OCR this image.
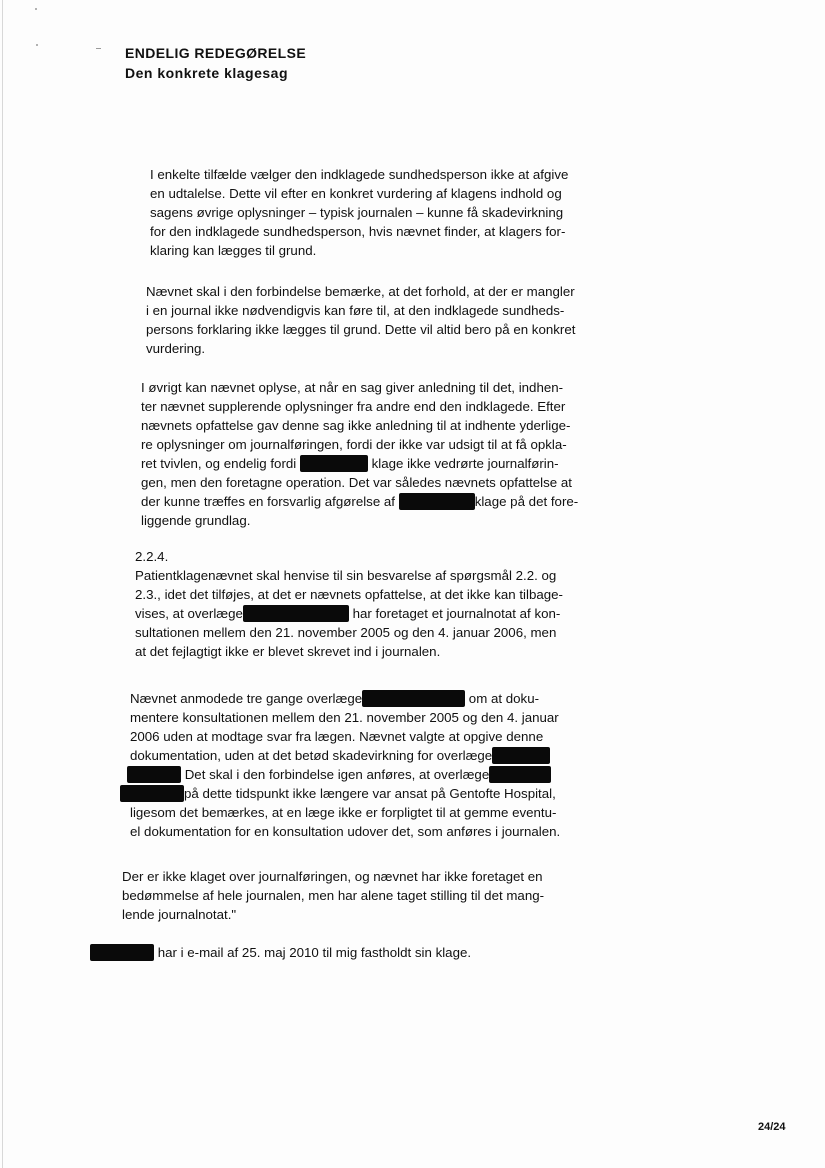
ENDELIG REDEGØRELSE
Den konkrete klagesag
I enkelte tilfælde vælger den indklagede sundhedsperson ikke at afgive
en udtalelse. Dette vil efter en konkret vurdering af klagens indhold og
sagens øvrige oplysninger – typisk journalen – kunne få skadevirkning
for den indklagede sundhedsperson, hvis nævnet finder, at klagers for-
klaring kan lægges til grund.
Nævnet skal i den forbindelse bemærke, at det forhold, at der er mangler
i en journal ikke nødvendigvis kan føre til, at den indklagede sundheds-
persons forklaring ikke lægges til grund. Dette vil altid bero på en konkret
vurdering.
I øvrigt kan nævnet oplyse, at når en sag giver anledning til det, indhen-
ter nævnet supplerende oplysninger fra andre end den indklagede. Efter
nævnets opfattelse gav denne sag ikke anledning til at indhente yderlige-
re oplysninger om journalføringen, fordi der ikke var udsigt til at få opkla-
ret tvivlen, og endelig fordi	klage ikke vedrørte journalførin-
gen, men den foretagne operation. Det var således nævnets opfattelse at
der kunne træffes en forsvarlig afgørelse af	klage på det fore-
liggende grundlag.
2.2.4.
Patientklagenævnet skal henvise til sin besvarelse af spørgsmål 2.2. og
2.3., idet det tilføjes, at det er nævnets opfattelse, at det ikke kan tilbage-
vises, at overlæge	har foretaget et journalnotat af kon-
sultationen mellem den 21. november 2005 og den 4. januar 2006, men
at det fejlagtigt ikke er blevet skrevet ind i journalen.
Nævnet anmodede tre gange overlæge	om at doku-
mentere konsultationen mellem den 21. november 2005 og den 4. januar
2006 uden at modtage svar fra lægen. Nævnet valgte at opgive denne
dokumentation, uden at det betød skadevirkning for overlæge
Det skal i den forbindelse igen anføres, at overlæge
på dette tidspunkt ikke længere var ansat på Gentofte Hospital,
ligesom det bemærkes, at en læge ikke er forpligtet til at gemme eventu-
el dokumentation for en konsultation udover det, som anføres i journalen.
Der er ikke klaget over journalføringen, og nævnet har ikke foretaget en
bedømmelse af hele journalen, men har alene taget stilling til det mang-
lende journalnotat."
har i e-mail af 25. maj 2010 til mig fastholdt sin klage.
24/24
